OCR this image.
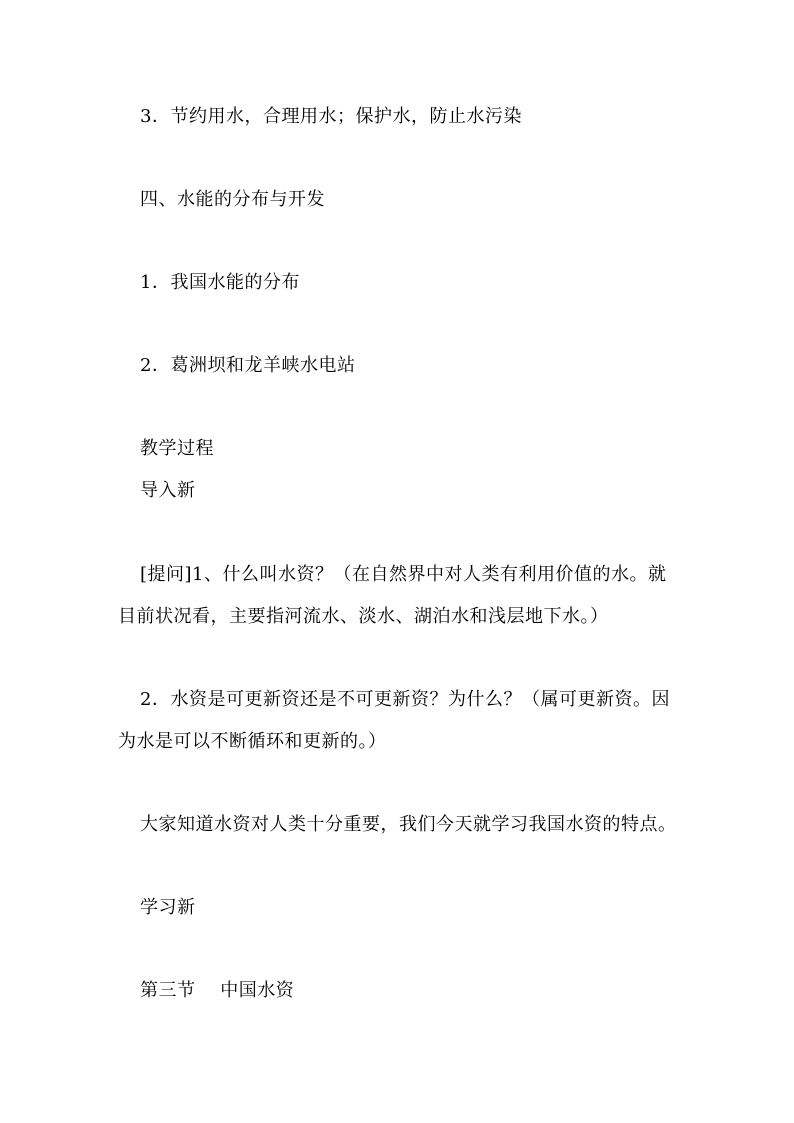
3．节约用水，合理用水；保护水，防止水污染
四、水能的分布与开发
1．我国水能的分布
2．葛洲坝和龙羊峡水电站
教学过程
导入新
[提问]1、什么叫水资？（在自然界中对人类有利用价值的水。就
目前状况看，主要指河流水、淡水、湖泊水和浅层地下水。）
2．水资是可更新资还是不可更新资？为什么？（属可更新资。因
为水是可以不断循环和更新的。）
大家知道水资对人类十分重要，我们今天就学习我国水资的特点。
学习新
第三节　 中国水资
